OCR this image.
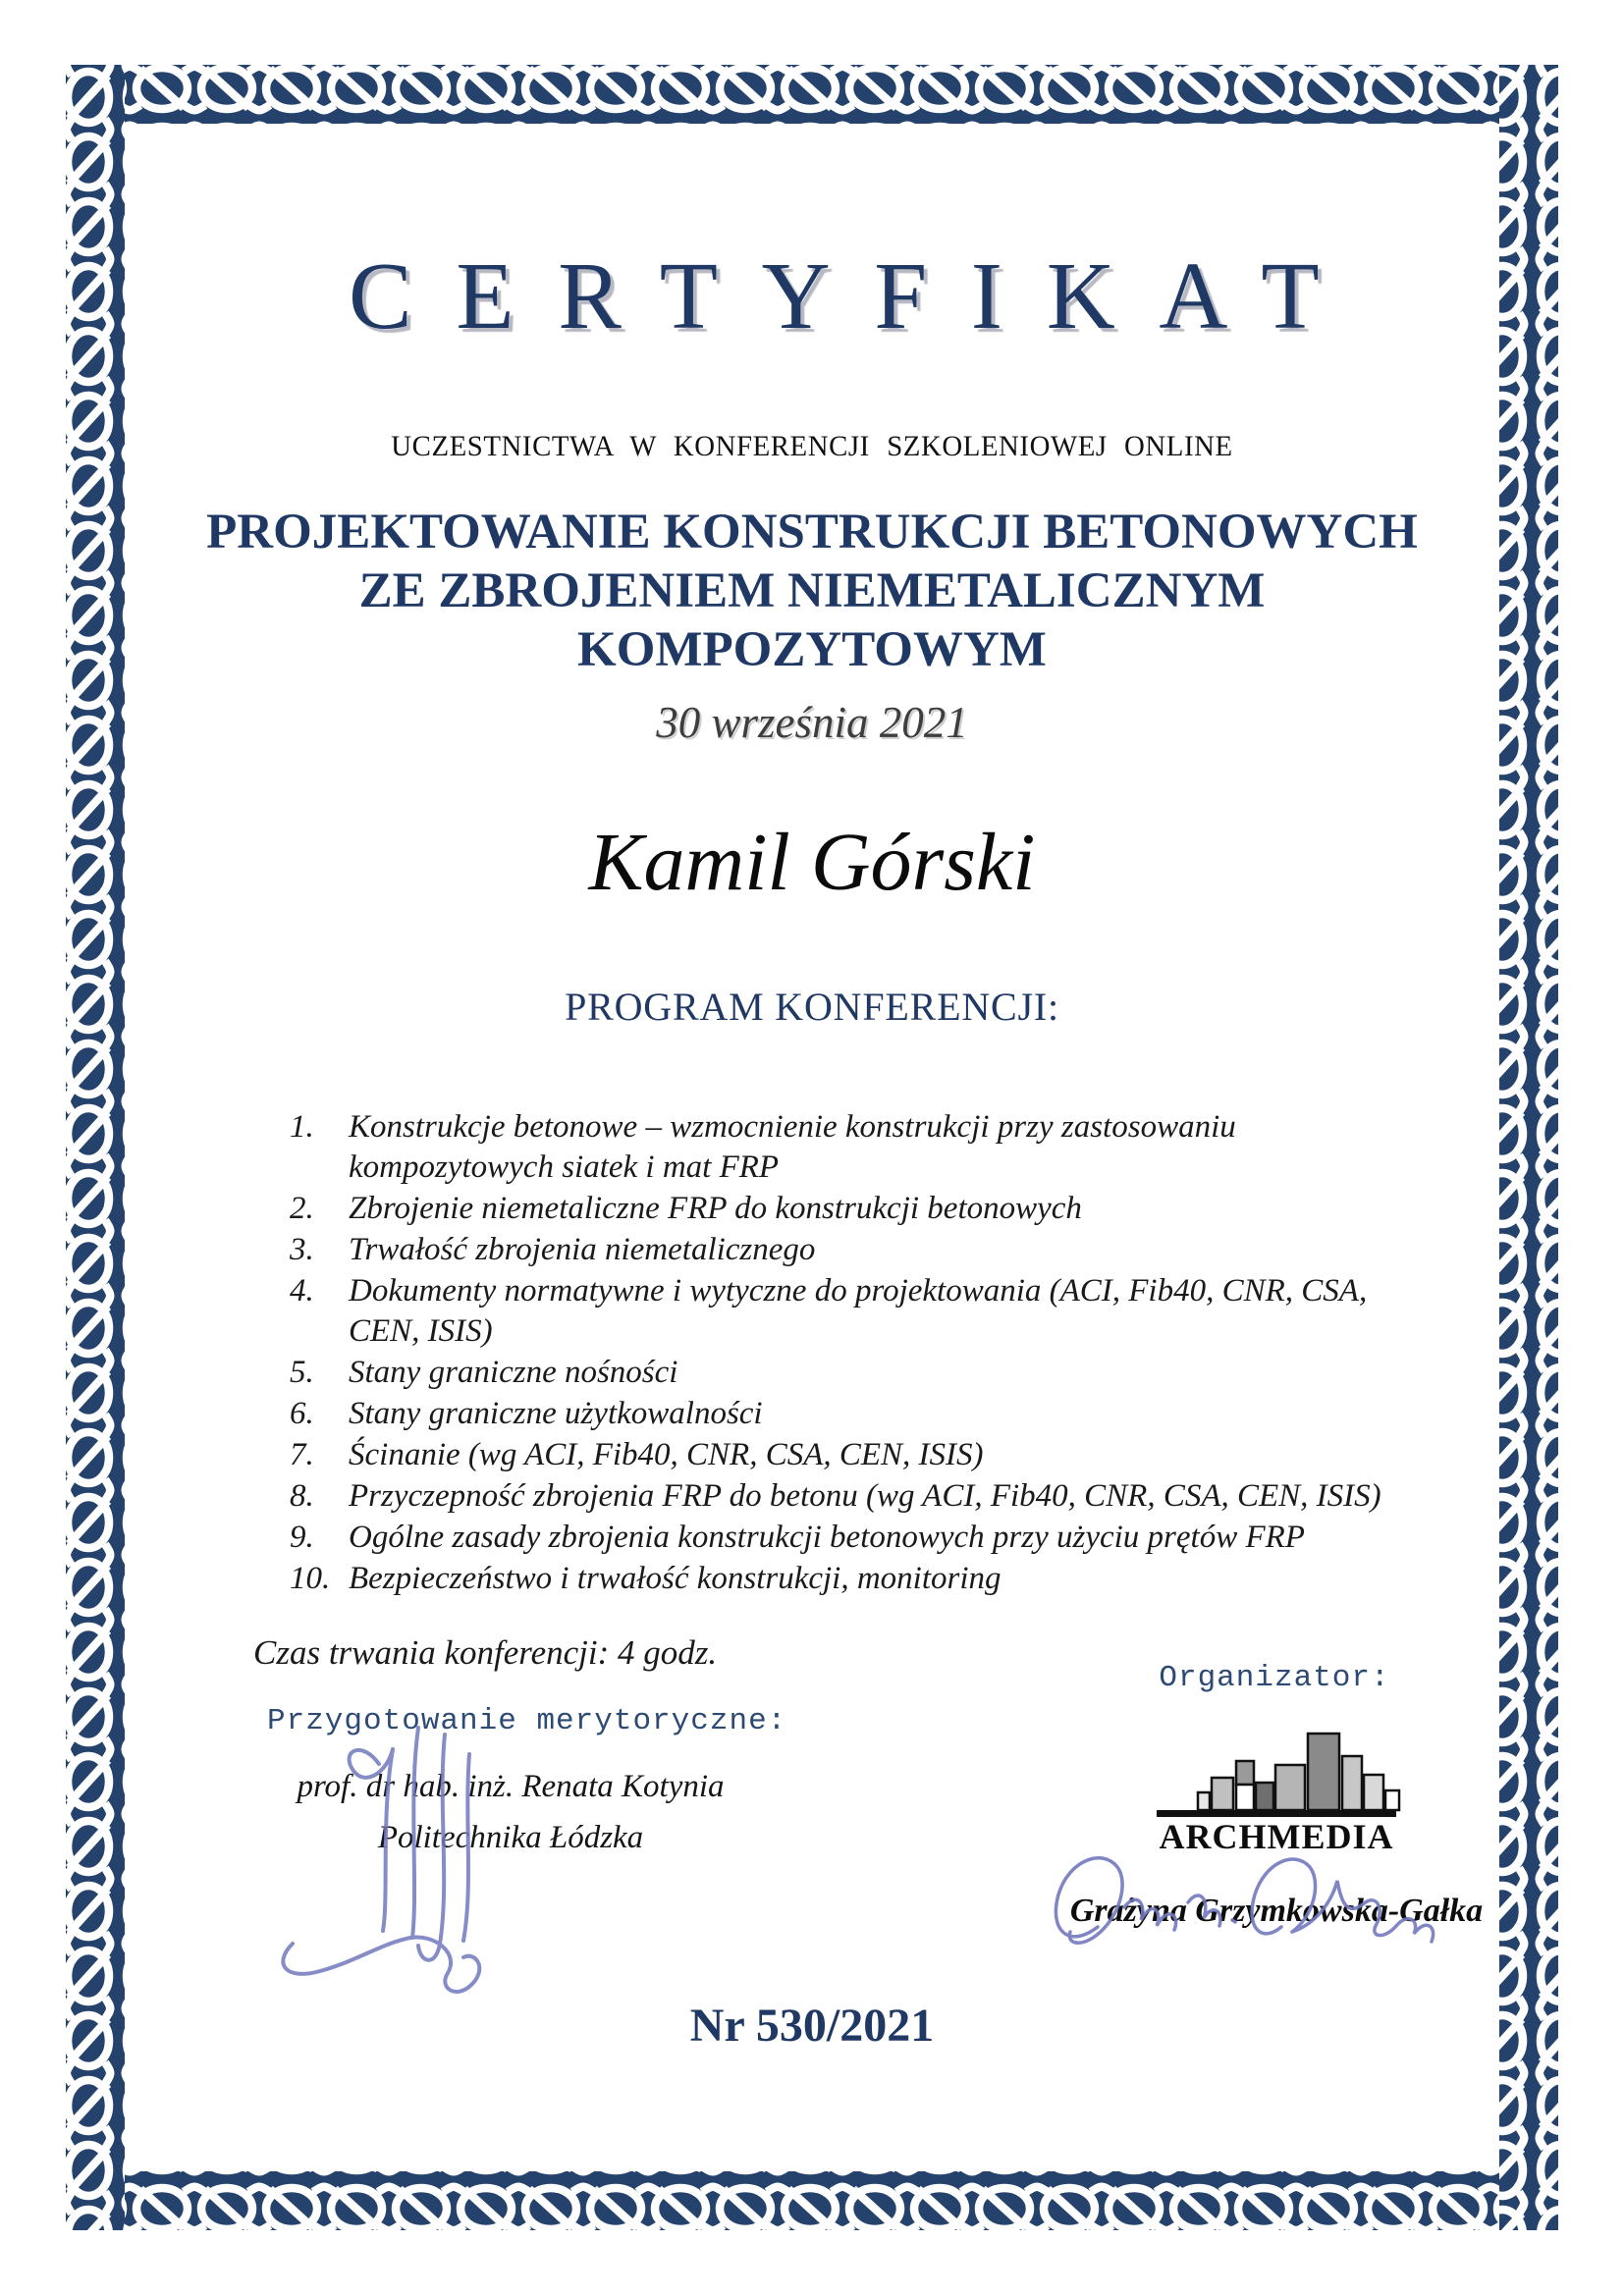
CERTYFIKAT
UCZESTNICTWA W KONFERENCJI SZKOLENIOWEJ ONLINE
PROJEKTOWANIE KONSTRUKCJI BETONOWYCH
ZE ZBROJENIEM NIEMETALICZNYM
KOMPOZYTOWYM
30 września 2021
Kamil Górski
PROGRAM KONFERENCJI:
1.	Konstrukcje betonowe – wzmocnienie konstrukcji przy zastosowaniu
kompozytowych siatek i mat FRP
2.	Zbrojenie niemetaliczne FRP do konstrukcji betonowych
3.	Trwałość zbrojenia niemetalicznego
4.	Dokumenty normatywne i wytyczne do projektowania (ACI, Fib40, CNR, CSA,
CEN, ISIS)
5.	Stany graniczne nośności
6.	Stany graniczne użytkowalności
7.	Ścinanie (wg ACI, Fib40, CNR, CSA, CEN, ISIS)
8.	Przyczepność zbrojenia FRP do betonu (wg ACI, Fib40, CNR, CSA, CEN, ISIS)
9.	Ogólne zasady zbrojenia konstrukcji betonowych przy użyciu prętów FRP
10. Bezpieczeństwo i trwałość konstrukcji, monitoring
Czas trwania konferencji: 4 godz.
Przygotowanie merytoryczne:
prof. dr hab. inż. Renata Kotynia
Politechnika Łódzka
Organizator:
ARCHMEDIA
Grażyna Grzymkowska-Gałka
Nr 530/2021
